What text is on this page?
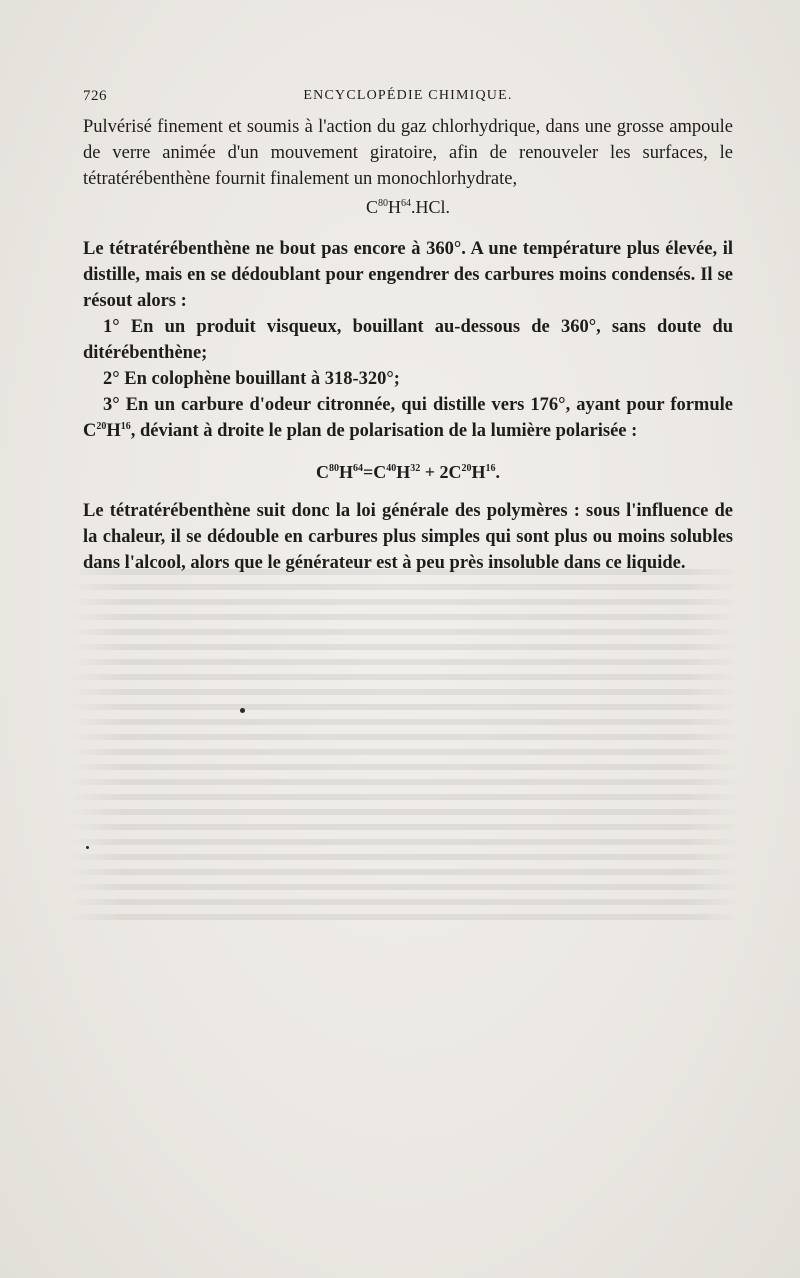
726	ENCYCLOPÉDIE CHIMIQUE.

Pulvérisé finement et soumis à l'action du gaz chlorhydrique, dans une grosse ampoule de verre animée d'un mouvement giratoire, afin de renouveler les surfaces, le tétratérébenthène fournit finalement un monochlorhydrate,

$C^{80}H^{64}.HCl$.

Le tétratérébenthène ne bout pas encore à 360°. A une température plus élevée, il distille, mais en se dédoublant pour engendrer des carbures moins condensés. Il se résout alors :

1° En un produit visqueux, bouillant au-dessous de 360°, sans doute du ditérébenthène;

2° En colophène bouillant à 318-320°;

3° En un carbure d'odeur citronnée, qui distille vers 176°, ayant pour formule $C^{20}H^{16}$, déviant à droite le plan de polarisation de la lumière polarisée :

$C^{80}H^{64}=C^{40}H^{32} + 2C^{20}H^{16}$.

Le tétratérébenthène suit donc la loi générale des polymères : sous l'influence de la chaleur, il se dédouble en carbures plus simples qui sont plus ou moins solubles dans l'alcool, alors que le générateur est à peu près insoluble dans ce liquide.
